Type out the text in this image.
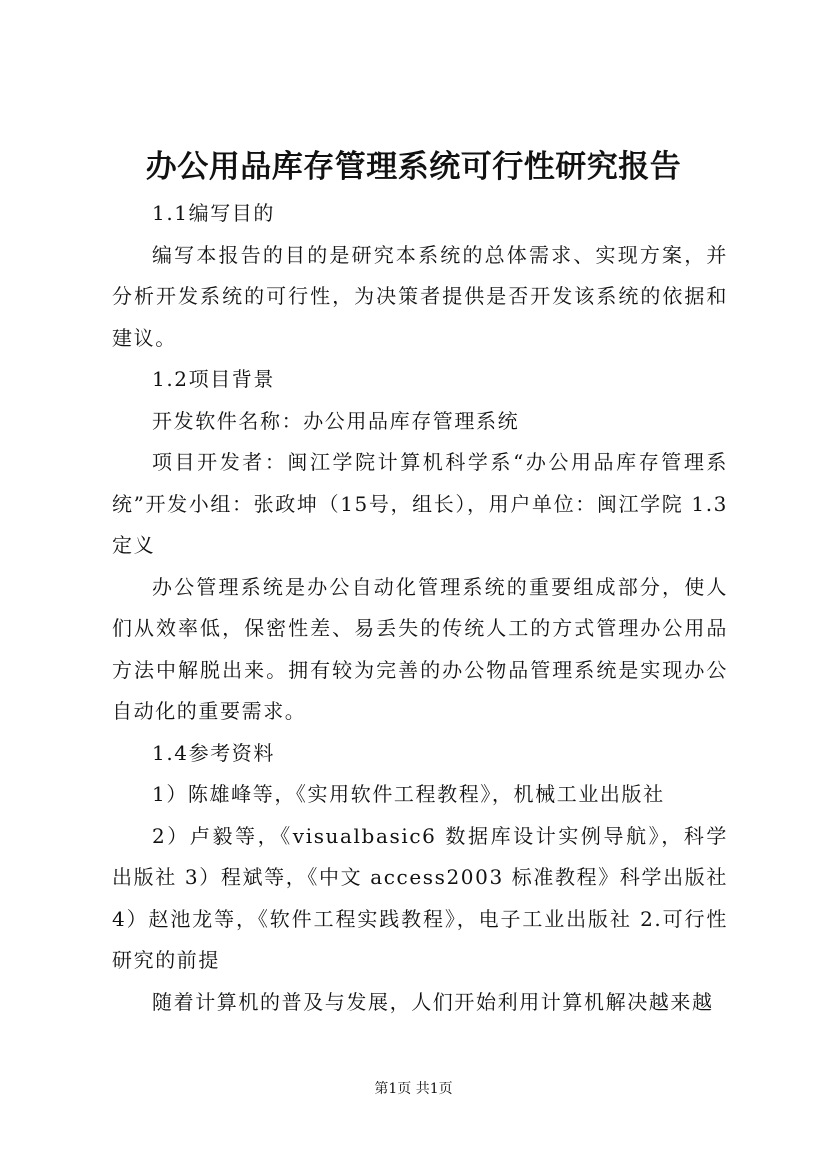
办公用品库存管理系统可行性研究报告

1.1编写目的

编写本报告的目的是研究本系统的总体需求、实现方案，并分析开发系统的可行性，为决策者提供是否开发该系统的依据和建议。

1.2项目背景

开发软件名称：办公用品库存管理系统

项目开发者：闽江学院计算机科学系“办公用品库存管理系统”开发小组：张政坤（15号，组长），用户单位：闽江学院 1.3 定义

办公管理系统是办公自动化管理系统的重要组成部分，使人们从效率低，保密性差、易丢失的传统人工的方式管理办公用品方法中解脱出来。拥有较为完善的办公物品管理系统是实现办公自动化的重要需求。

1.4参考资料

1）陈雄峰等，《实用软件工程教程》，机械工业出版社

2）卢毅等，《visualbasic6 数据库设计实例导航》，科学出版社 3）程斌等，《中文 access2003 标准教程》科学出版社 4）赵池龙等，《软件工程实践教程》，电子工业出版社 2.可行性研究的前提

随着计算机的普及与发展，人们开始利用计算机解决越来越

第1页 共1页
